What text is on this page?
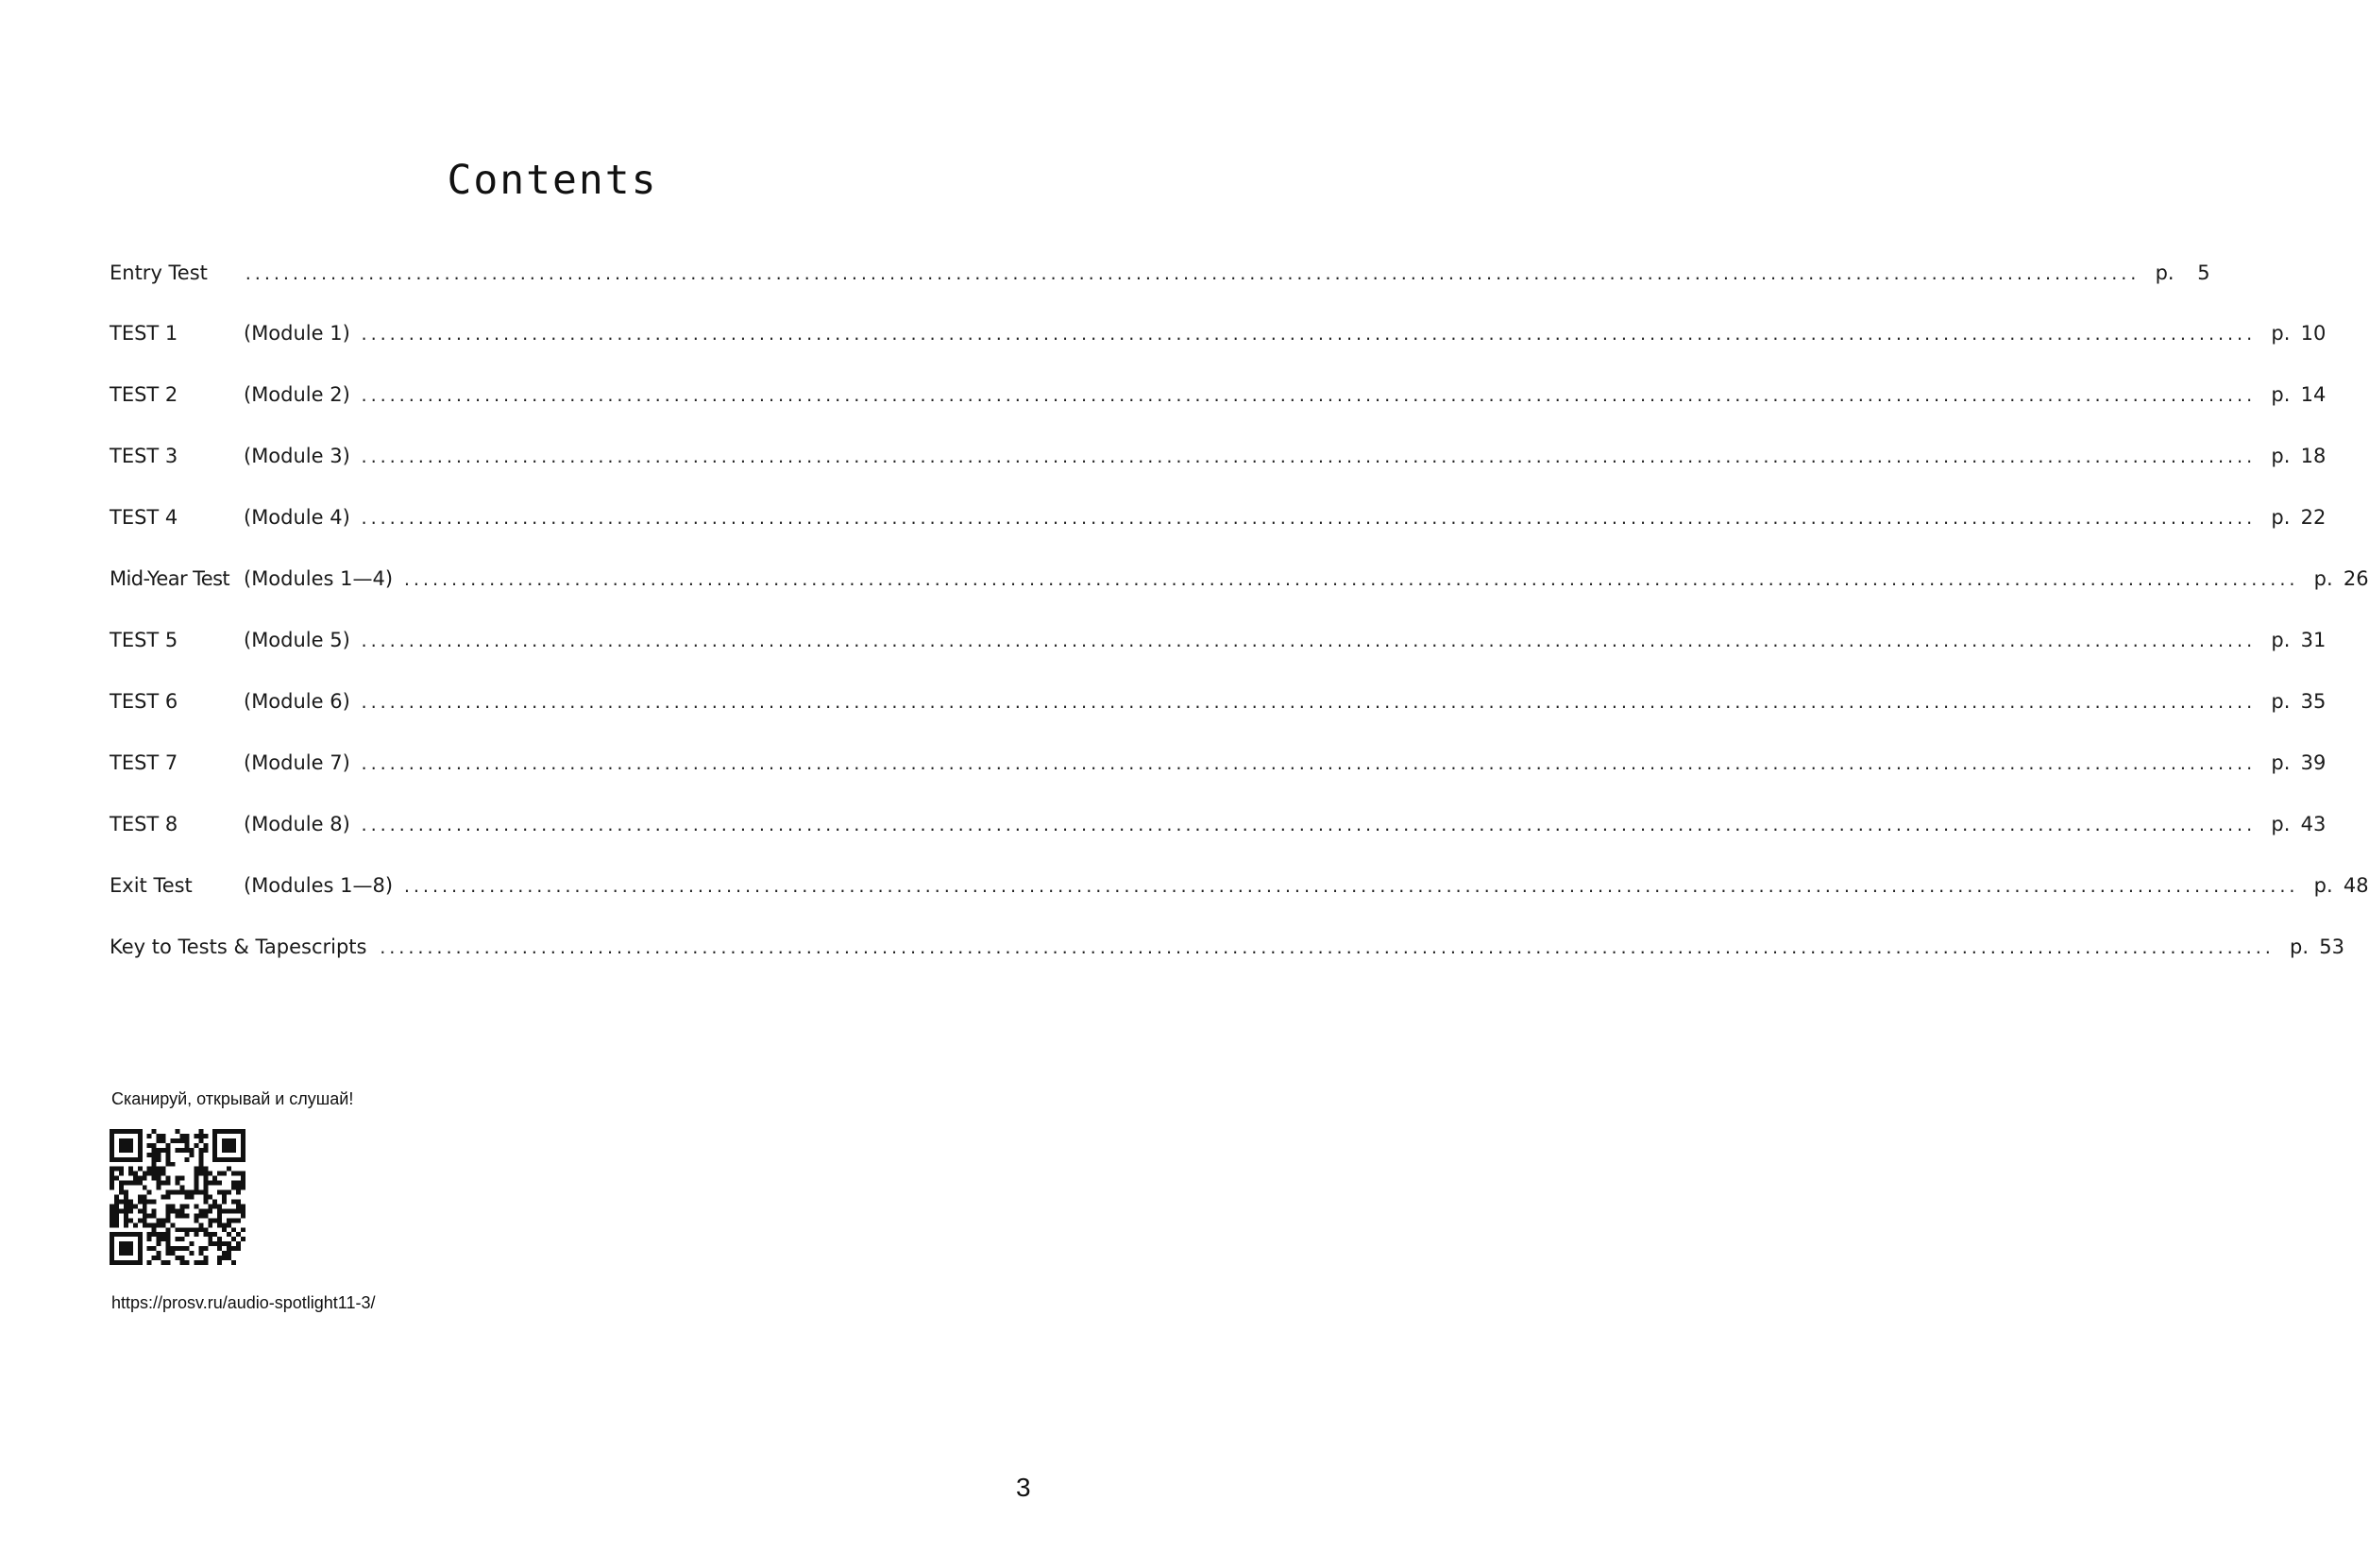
Contents
Entry Test	........................................................................................................................................................................................................ p.	5
TEST 1	(Module 1) ........................................................................................................................................................................................................ p. 10
TEST 2	(Module 2) ........................................................................................................................................................................................................ p. 14
TEST 3	(Module 3) ........................................................................................................................................................................................................ p. 18
TEST 4	(Module 4) ........................................................................................................................................................................................................ p. 22
Mid-Year Test (Modules 1—4) ........................................................................................................................................................................................................ p. 26
TEST 5	(Module 5) ........................................................................................................................................................................................................ p. 31
TEST 6	(Module 6) ........................................................................................................................................................................................................ p. 35
TEST 7	(Module 7) ........................................................................................................................................................................................................ p. 39
TEST 8	(Module 8) ........................................................................................................................................................................................................ p. 43
Exit Test	(Modules 1—8) ........................................................................................................................................................................................................ p. 48
Key to Tests & Tapescripts ........................................................................................................................................................................................................ p. 53
Сканируй, открывай и слушай!
https://prosv.ru/audio-spotlight11-3/
3
